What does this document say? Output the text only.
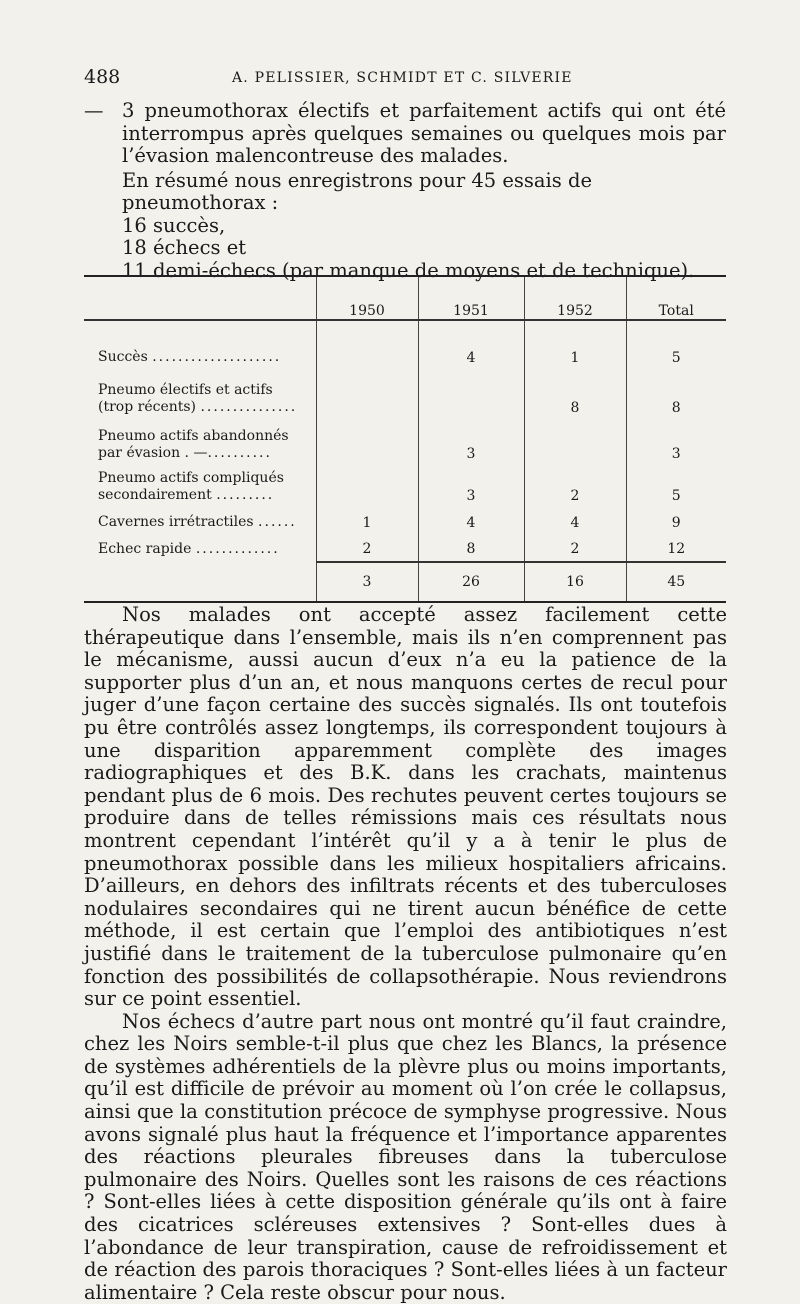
488	A. PELISSIER, SCHMIDT ET C. SILVERIE

— 3 pneumothorax électifs et parfaitement actifs qui ont été interrompus après quelques semaines ou quelques mois par l’évasion malencontreuse des malades.

En résumé nous enregistrons pour 45 essais de pneumothorax :

16 succès,

18 échecs et

11 demi-échecs (par manque de moyens et de technique).

	1950	1951	1952	Total
Succès ....................		4	1	5
Pneumo électifs et actifs (trop récents) ...............			8	8
Pneumo actifs abandonnés par évasion . —..........		3		3
Pneumo actifs compliqués secondairement .........		3	2	5
Cavernes irrétractiles ......	1	4	4	9
Echec rapide .............	2	8	2	12
	3	26	16	45

Nos malades ont accepté assez facilement cette thérapeutique dans l’ensemble, mais ils n’en comprennent pas le mécanisme, aussi aucun d’eux n’a eu la patience de la supporter plus d’un an, et nous manquons certes de recul pour juger d’une façon certaine des succès signalés. Ils ont toutefois pu être contrôlés assez longtemps, ils correspondent toujours à une disparition apparemment complète des images radiographiques et des B.K. dans les crachats, maintenus pendant plus de 6 mois. Des rechutes peuvent certes toujours se produire dans de telles rémissions mais ces résultats nous montrent cependant l’intérêt qu’il y a à tenir le plus de pneumothorax possible dans les milieux hospitaliers africains. D’ailleurs, en dehors des infiltrats récents et des tuberculoses nodulaires secondaires qui ne tirent aucun bénéfice de cette méthode, il est certain que l’emploi des antibiotiques n’est justifié dans le traitement de la tuberculose pulmonaire qu’en fonction des possibilités de collapsothérapie. Nous reviendrons sur ce point essentiel.

Nos échecs d’autre part nous ont montré qu’il faut craindre, chez les Noirs semble-t-il plus que chez les Blancs, la présence de systèmes adhérentiels de la plèvre plus ou moins importants, qu’il est difficile de prévoir au moment où l’on crée le collapsus, ainsi que la constitution précoce de symphyse progressive. Nous avons signalé plus haut la fréquence et l’importance apparentes des réactions pleurales fibreuses dans la tuberculose pulmonaire des Noirs. Quelles sont les raisons de ces réactions ? Sont-elles liées à cette disposition générale qu’ils ont à faire des cicatrices scléreuses extensives ? Sont-elles dues à l’abondance de leur transpiration, cause de refroidissement et de réaction des parois thoraciques ? Sont-elles liées à un facteur alimentaire ? Cela reste obscur pour nous.
